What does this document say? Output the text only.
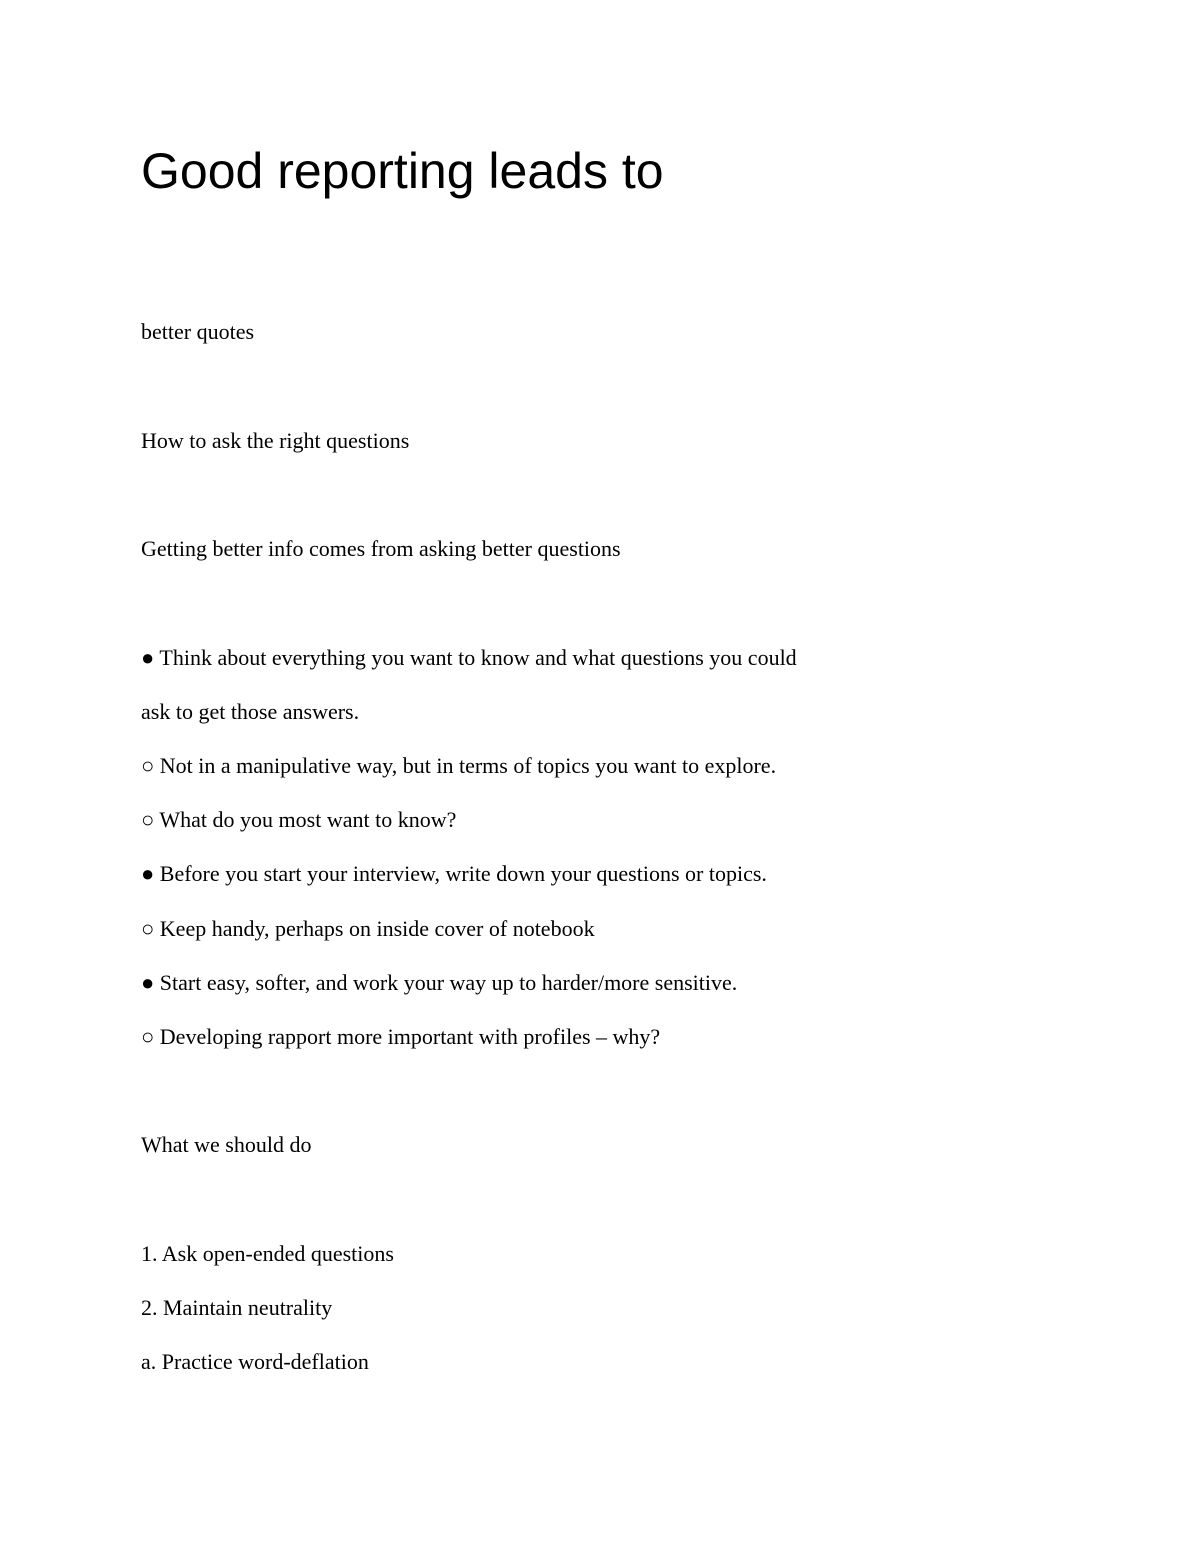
Good reporting leads to

better quotes

How to ask the right questions

Getting better info comes from asking better questions

● Think about everything you want to know and what questions you could

ask to get those answers.

○ Not in a manipulative way, but in terms of topics you want to explore.

○ What do you most want to know?

● Before you start your interview, write down your questions or topics.

○ Keep handy, perhaps on inside cover of notebook

● Start easy, softer, and work your way up to harder/more sensitive.

○ Developing rapport more important with profiles – why?

What we should do

1. Ask open-ended questions

2. Maintain neutrality

a. Practice word-deflation
